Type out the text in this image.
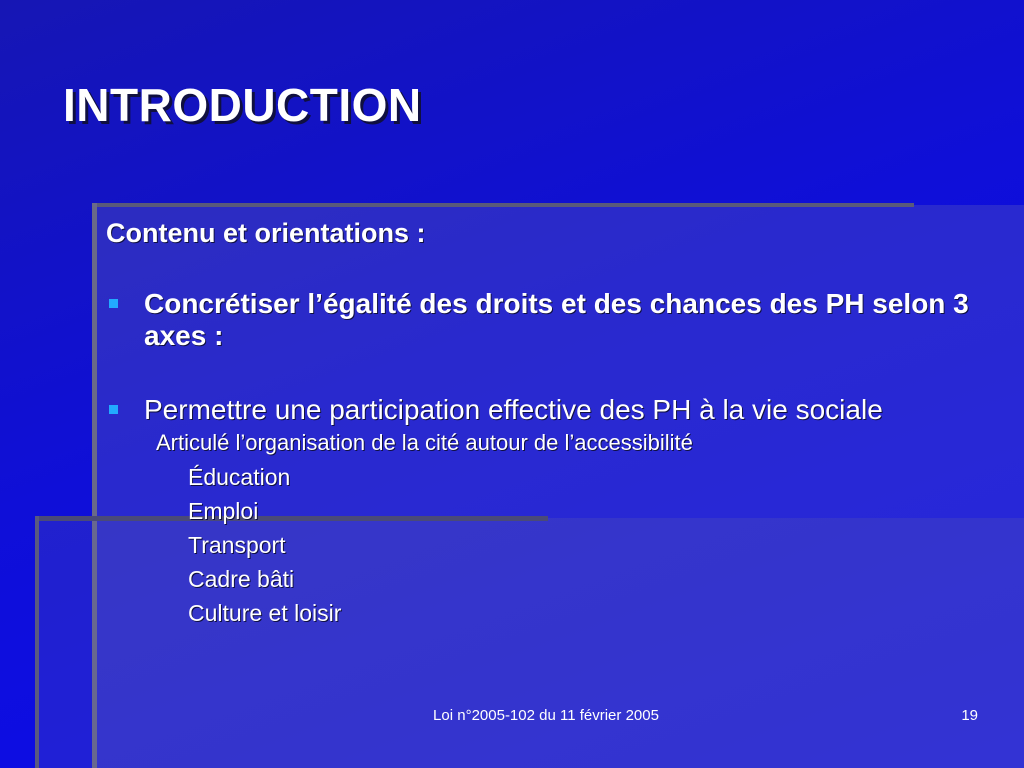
INTRODUCTION
Contenu et orientations :
Concrétiser l’égalité des droits et des chances des PH selon 3 axes :
Permettre une participation effective des PH à la vie sociale
Articulé l’organisation de la cité autour de l’accessibilité
Éducation
Emploi
Transport
Cadre bâti
Culture et loisir
Loi n°2005-102 du 11 février 2005	19
